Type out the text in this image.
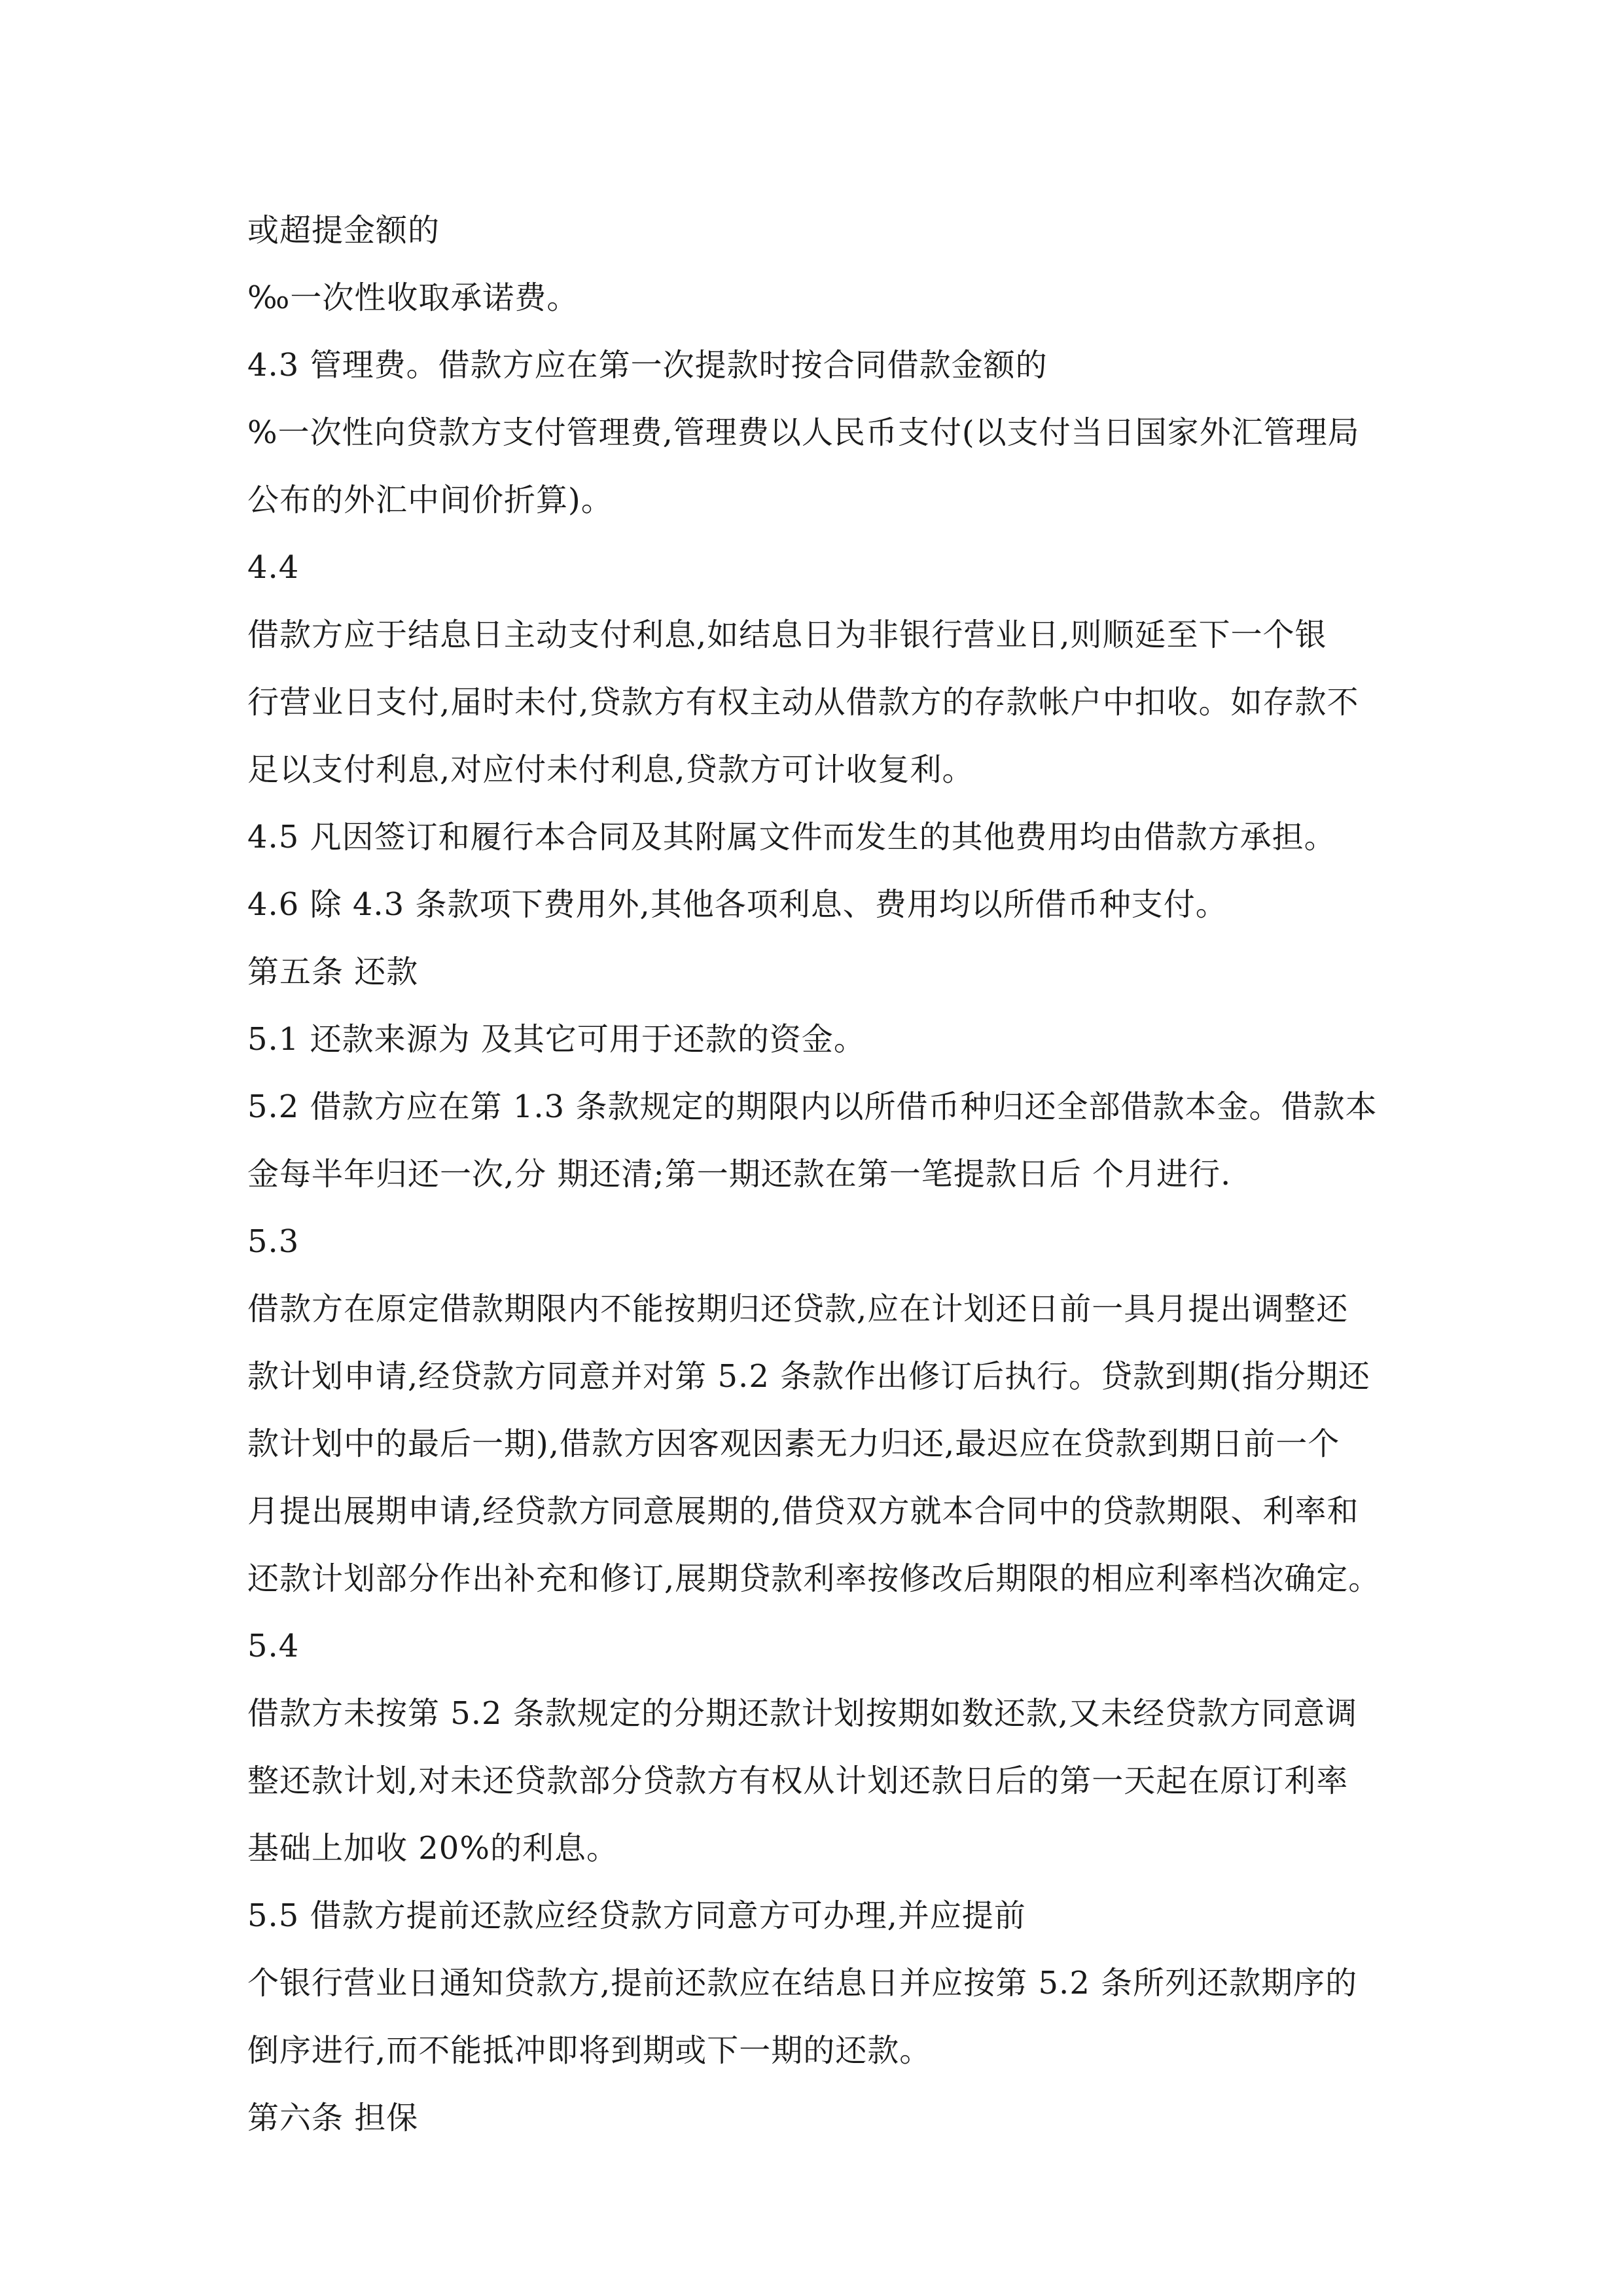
或超提金额的
‰一次性收取承诺费。
4.3 管理费。借款方应在第一次提款时按合同借款金额的
%一次性向贷款方支付管理费,管理费以人民币支付(以支付当日国家外汇管理局
公布的外汇中间价折算)。
4.4
借款方应于结息日主动支付利息,如结息日为非银行营业日,则顺延至下一个银
行营业日支付,届时未付,贷款方有权主动从借款方的存款帐户中扣收。如存款不
足以支付利息,对应付未付利息,贷款方可计收复利。
4.5 凡因签订和履行本合同及其附属文件而发生的其他费用均由借款方承担。
4.6 除 4.3 条款项下费用外,其他各项利息、费用均以所借币种支付。
第五条 还款
5.1 还款来源为 及其它可用于还款的资金。
5.2 借款方应在第 1.3 条款规定的期限内以所借币种归还全部借款本金。借款本
金每半年归还一次,分 期还清;第一期还款在第一笔提款日后 个月进行.
5.3
借款方在原定借款期限内不能按期归还贷款,应在计划还日前一具月提出调整还
款计划申请,经贷款方同意并对第 5.2 条款作出修订后执行。贷款到期(指分期还
款计划中的最后一期),借款方因客观因素无力归还,最迟应在贷款到期日前一个
月提出展期申请,经贷款方同意展期的,借贷双方就本合同中的贷款期限、利率和
还款计划部分作出补充和修订,展期贷款利率按修改后期限的相应利率档次确定。
5.4
借款方未按第 5.2 条款规定的分期还款计划按期如数还款,又未经贷款方同意调
整还款计划,对未还贷款部分贷款方有权从计划还款日后的第一天起在原订利率
基础上加收 20%的利息。
5.5 借款方提前还款应经贷款方同意方可办理,并应提前
个银行营业日通知贷款方,提前还款应在结息日并应按第 5.2 条所列还款期序的
倒序进行,而不能抵冲即将到期或下一期的还款。
第六条 担保
